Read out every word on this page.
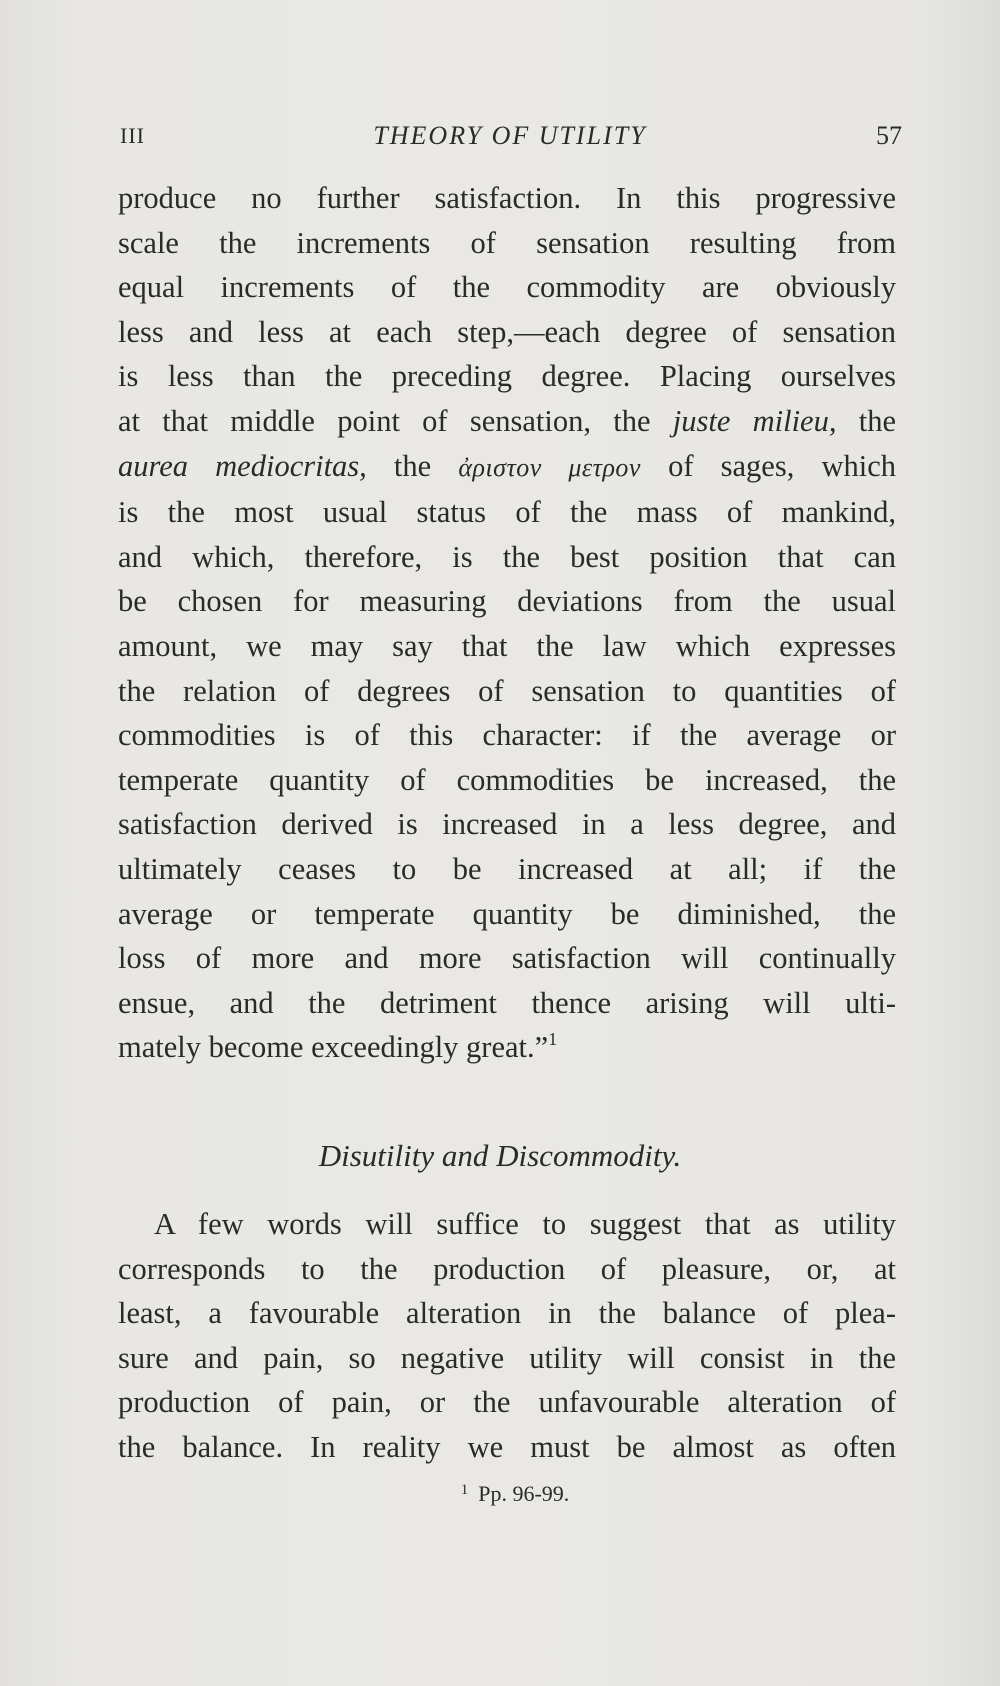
III	THEORY OF UTILITY	57

produce no further satisfaction. In this progressive

scale the increments of sensation resulting from

equal increments of the commodity are obviously

less and less at each step,—each degree of sensation

is less than the preceding degree. Placing ourselves

at that middle point of sensation, the juste milieu, the

aurea mediocritas, the ἀριστον μετρον of sages, which

is the most usual status of the mass of mankind,

and which, therefore, is the best position that can

be chosen for measuring deviations from the usual

amount, we may say that the law which expresses

the relation of degrees of sensation to quantities of

commodities is of this character: if the average or

temperate quantity of commodities be increased, the

satisfaction derived is increased in a less degree, and

ultimately ceases to be increased at all; if the

average or temperate quantity be diminished, the

loss of more and more satisfaction will continually

ensue, and the detriment thence arising will ulti-

mately become exceedingly great.”$^1$

Disutility and Discommodity.

A few words will suffice to suggest that as utility

corresponds to the production of pleasure, or, at

least, a favourable alteration in the balance of plea-

sure and pain, so negative utility will consist in the

production of pain, or the unfavourable alteration of

the balance. In reality we must be almost as often

$^1$ Pp. 96-99.
